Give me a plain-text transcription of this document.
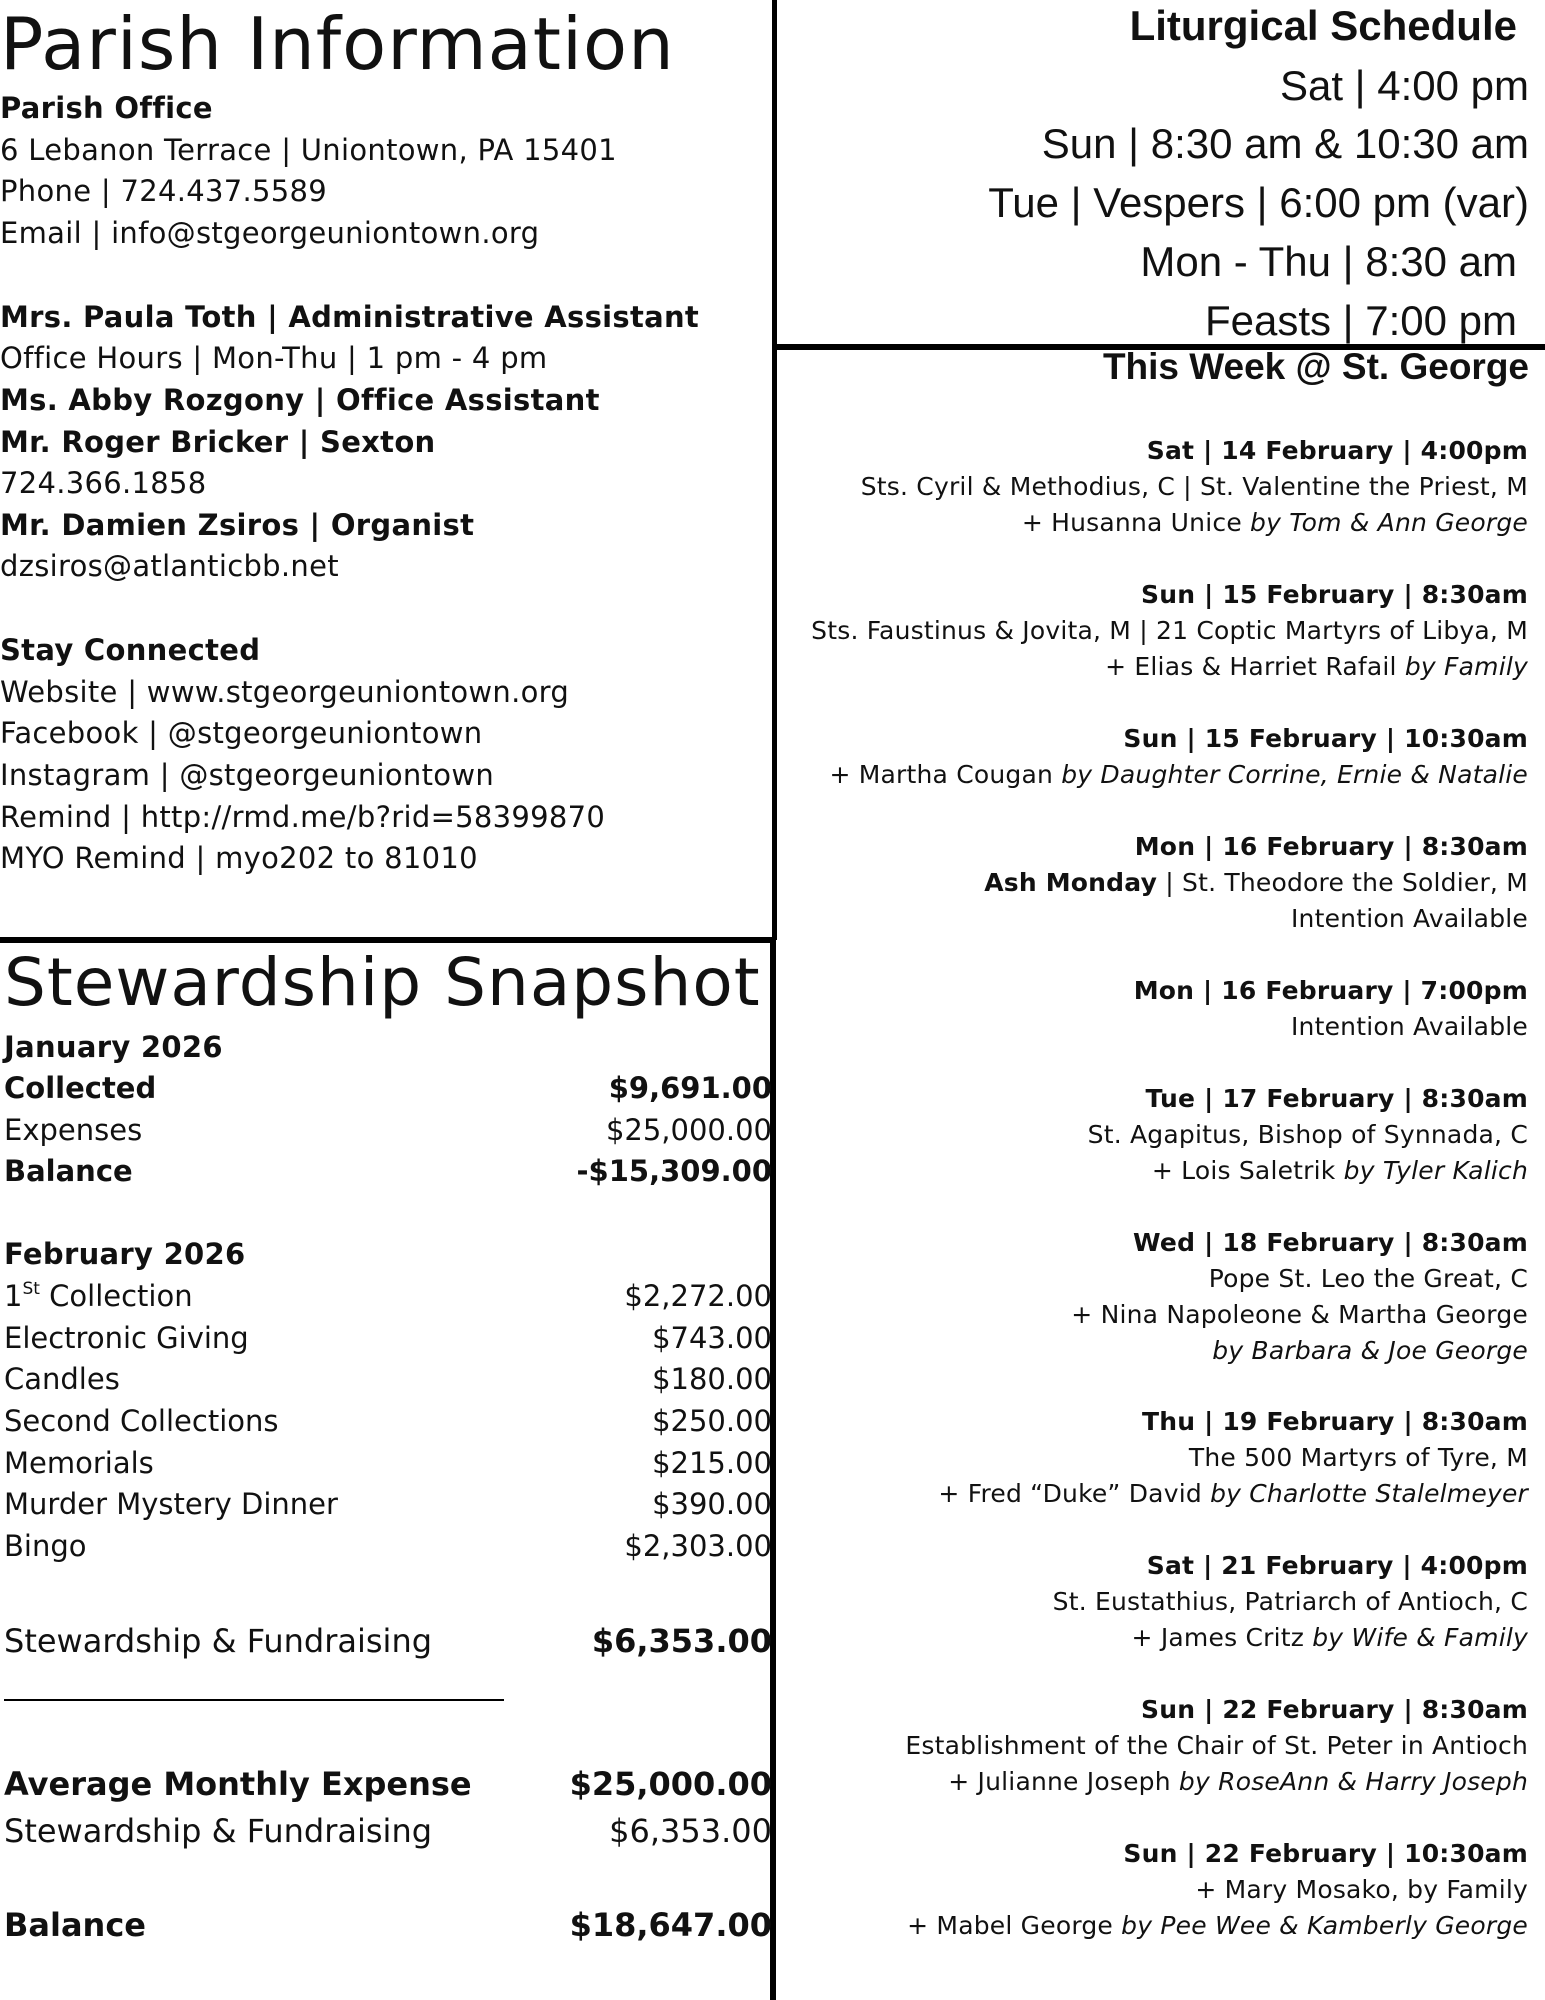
Parish Information
Parish Office
6 Lebanon Terrace | Uniontown, PA 15401
Phone | 724.437.5589
Email | info@stgeorgeuniontown.org
Mrs. Paula Toth | Administrative Assistant
Office Hours | Mon-Thu | 1 pm - 4 pm
Ms. Abby Rozgony | Office Assistant
Mr. Roger Bricker | Sexton
724.366.1858
Mr. Damien Zsiros | Organist
dzsiros@atlanticbb.net
Stay Connected
Website | www.stgeorgeuniontown.org
Facebook | @stgeorgeuniontown
Instagram | @stgeorgeuniontown
Remind | http://rmd.me/b?rid=58399870
MYO Remind | myo202 to 81010
Stewardship Snapshot
January 2026
Collected	$9,691.00
Expenses	$25,000.00
Balance	-$15,309.00
February 2026
1St Collection	$2,272.00
Electronic Giving	$743.00
Candles	$180.00
Second Collections	$250.00
Memorials	$215.00
Murder Mystery Dinner	$390.00
Bingo	$2,303.00
Stewardship & Fundraising	$6,353.00
Average Monthly Expense	$25,000.00
Stewardship & Fundraising	$6,353.00
Balance	$18,647.00
Liturgical Schedule
Sat | 4:00 pm
Sun | 8:30 am & 10:30 am
Tue | Vespers | 6:00 pm (var)
Mon - Thu | 8:30 am
Feasts | 7:00 pm
This Week @ St. George
Sat | 14 February | 4:00pm
Sts. Cyril & Methodius, C | St. Valentine the Priest, M
+ Husanna Unice by Tom & Ann George
Sun | 15 February | 8:30am
Sts. Faustinus & Jovita, M | 21 Coptic Martyrs of Libya, M
+ Elias & Harriet Rafail by Family
Sun | 15 February | 10:30am
+ Martha Cougan by Daughter Corrine, Ernie & Natalie
Mon | 16 February | 8:30am
Ash Monday | St. Theodore the Soldier, M
Intention Available
Mon | 16 February | 7:00pm
Intention Available
Tue | 17 February | 8:30am
St. Agapitus, Bishop of Synnada, C
+ Lois Saletrik by Tyler Kalich
Wed | 18 February | 8:30am
Pope St. Leo the Great, C
+ Nina Napoleone & Martha George
by Barbara & Joe George
Thu | 19 February | 8:30am
The 500 Martyrs of Tyre, M
+ Fred “Duke” David by Charlotte Stalelmeyer
Sat | 21 February | 4:00pm
St. Eustathius, Patriarch of Antioch, C
+ James Critz by Wife & Family
Sun | 22 February | 8:30am
Establishment of the Chair of St. Peter in Antioch
+ Julianne Joseph by RoseAnn & Harry Joseph
Sun | 22 February | 10:30am
+ Mary Mosako, by Family
+ Mabel George by Pee Wee & Kamberly George
